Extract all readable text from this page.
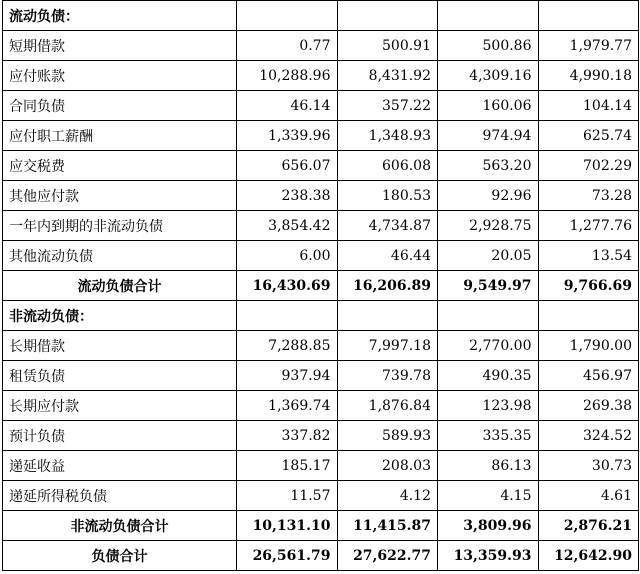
流动负债：				
短期借款	0.77	500.91	500.86	1,979.77
应付账款	10,288.96	8,431.92	4,309.16	4,990.18
合同负债	46.14	357.22	160.06	104.14
应付职工薪酬	1,339.96	1,348.93	974.94	625.74
应交税费	656.07	606.08	563.20	702.29
其他应付款	238.38	180.53	92.96	73.28
一年内到期的非流动负债	3,854.42	4,734.87	2,928.75	1,277.76
其他流动负债	6.00	46.44	20.05	13.54
流动负债合计	16,430.69	16,206.89	9,549.97	9,766.69
非流动负债：				
长期借款	7,288.85	7,997.18	2,770.00	1,790.00
租赁负债	937.94	739.78	490.35	456.97
长期应付款	1,369.74	1,876.84	123.98	269.38
预计负债	337.82	589.93	335.35	324.52
递延收益	185.17	208.03	86.13	30.73
递延所得税负债	11.57	4.12	4.15	4.61
非流动负债合计	10,131.10	11,415.87	3,809.96	2,876.21
负债合计	26,561.79	27,622.77	13,359.93	12,642.90
